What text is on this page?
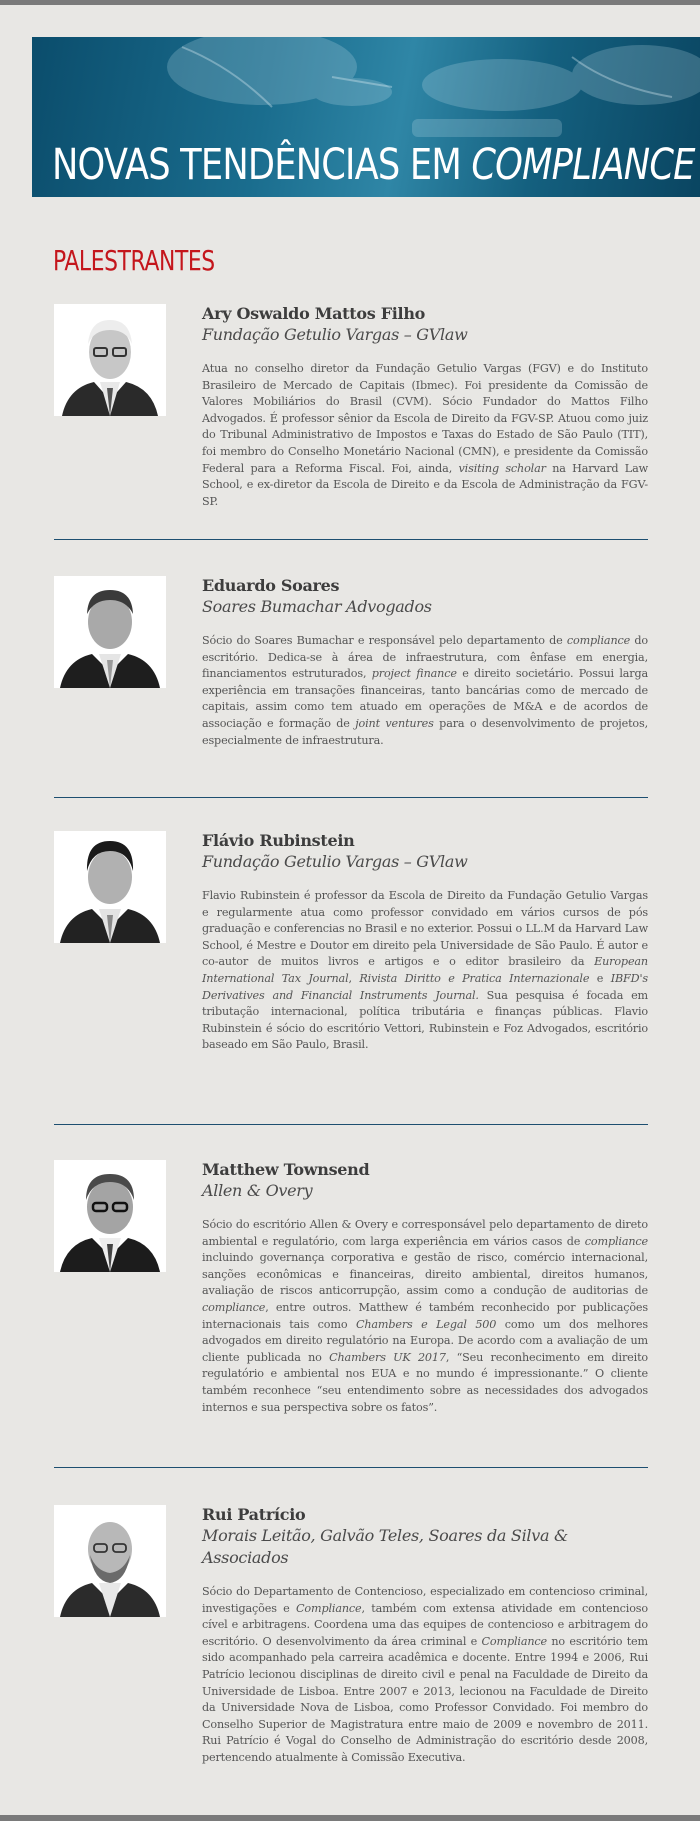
NOVAS TENDÊNCIAS EM COMPLIANCE
PALESTRANTES
Ary Oswaldo Mattos Filho
Fundação Getulio Vargas – GVlaw
Atua no conselho diretor da Fundação Getulio Vargas (FGV) e do Instituto Brasileiro de Mercado de Capitais (Ibmec). Foi presidente da Comissão de Valores Mobiliários do Brasil (CVM). Sócio Fundador do Mattos Filho Advogados. É professor sênior da Escola de Direito da FGV-SP. Atuou como juiz do Tribunal Administrativo de Impostos e Taxas do Estado de São Paulo (TIT), foi membro do Conselho Monetário Nacional (CMN), e presidente da Comissão Federal para a Reforma Fiscal. Foi, ainda, visiting scholar na Harvard Law School, e ex-diretor da Escola de Direito e da Escola de Administração da FGV-SP.
Eduardo Soares
Soares Bumachar Advogados
Sócio do Soares Bumachar e responsável pelo departamento de compliance do escritório. Dedica-se à área de infraestrutura, com ênfase em energia, financiamentos estruturados, project finance e direito societário. Possui larga experiência em transações financeiras, tanto bancárias como de mercado de capitais, assim como tem atuado em operações de M&A e de acordos de associação e formação de joint ventures para o desenvolvimento de projetos, especialmente de infraestrutura.
Flávio Rubinstein
Fundação Getulio Vargas – GVlaw
Flavio Rubinstein é professor da Escola de Direito da Fundação Getulio Vargas e regularmente atua como professor convidado em vários cursos de pós graduação e conferencias no Brasil e no exterior. Possui o LL.M da Harvard Law School, é Mestre e Doutor em direito pela Universidade de São Paulo. É autor e co-autor de muitos livros e artigos e o editor brasileiro da European International Tax Journal, Rivista Diritto e Pratica Internazionale e IBFD's Derivatives and Financial Instruments Journal. Sua pesquisa é focada em tributação internacional, política tributária e finanças públicas. Flavio Rubinstein é sócio do escritório Vettori, Rubinstein e Foz Advogados, escritório baseado em São Paulo, Brasil.
Matthew Townsend
Allen & Overy
Sócio do escritório Allen & Overy e corresponsável pelo departamento de direto ambiental e regulatório, com larga experiência em vários casos de compliance incluindo governança corporativa e gestão de risco, comércio internacional, sanções econômicas e financeiras, direito ambiental, direitos humanos, avaliação de riscos anticorrupção, assim como a condução de auditorias de compliance, entre outros. Matthew é também reconhecido por publicações internacionais tais como Chambers e Legal 500 como um dos melhores advogados em direito regulatório na Europa. De acordo com a avaliação de um cliente publicada no Chambers UK 2017, “Seu reconhecimento em direito regulatório e ambiental nos EUA e no mundo é impressionante.” O cliente também reconhece “seu entendimento sobre as necessidades dos advogados internos e sua perspectiva sobre os fatos”.
Rui Patrício
Morais Leitão, Galvão Teles, Soares da Silva & Associados
Sócio do Departamento de Contencioso, especializado em contencioso criminal, investigações e Compliance, também com extensa atividade em contencioso cível e arbitragens. Coordena uma das equipes de contencioso e arbitragem do escritório. O desenvolvimento da área criminal e Compliance no escritório tem sido acompanhado pela carreira acadêmica e docente. Entre 1994 e 2006, Rui Patrício lecionou disciplinas de direito civil e penal na Faculdade de Direito da Universidade de Lisboa. Entre 2007 e 2013, lecionou na Faculdade de Direito da Universidade Nova de Lisboa, como Professor Convidado. Foi membro do Conselho Superior de Magistratura entre maio de 2009 e novembro de 2011. Rui Patrício é Vogal do Conselho de Administração do escritório desde 2008, pertencendo atualmente à Comissão Executiva.
